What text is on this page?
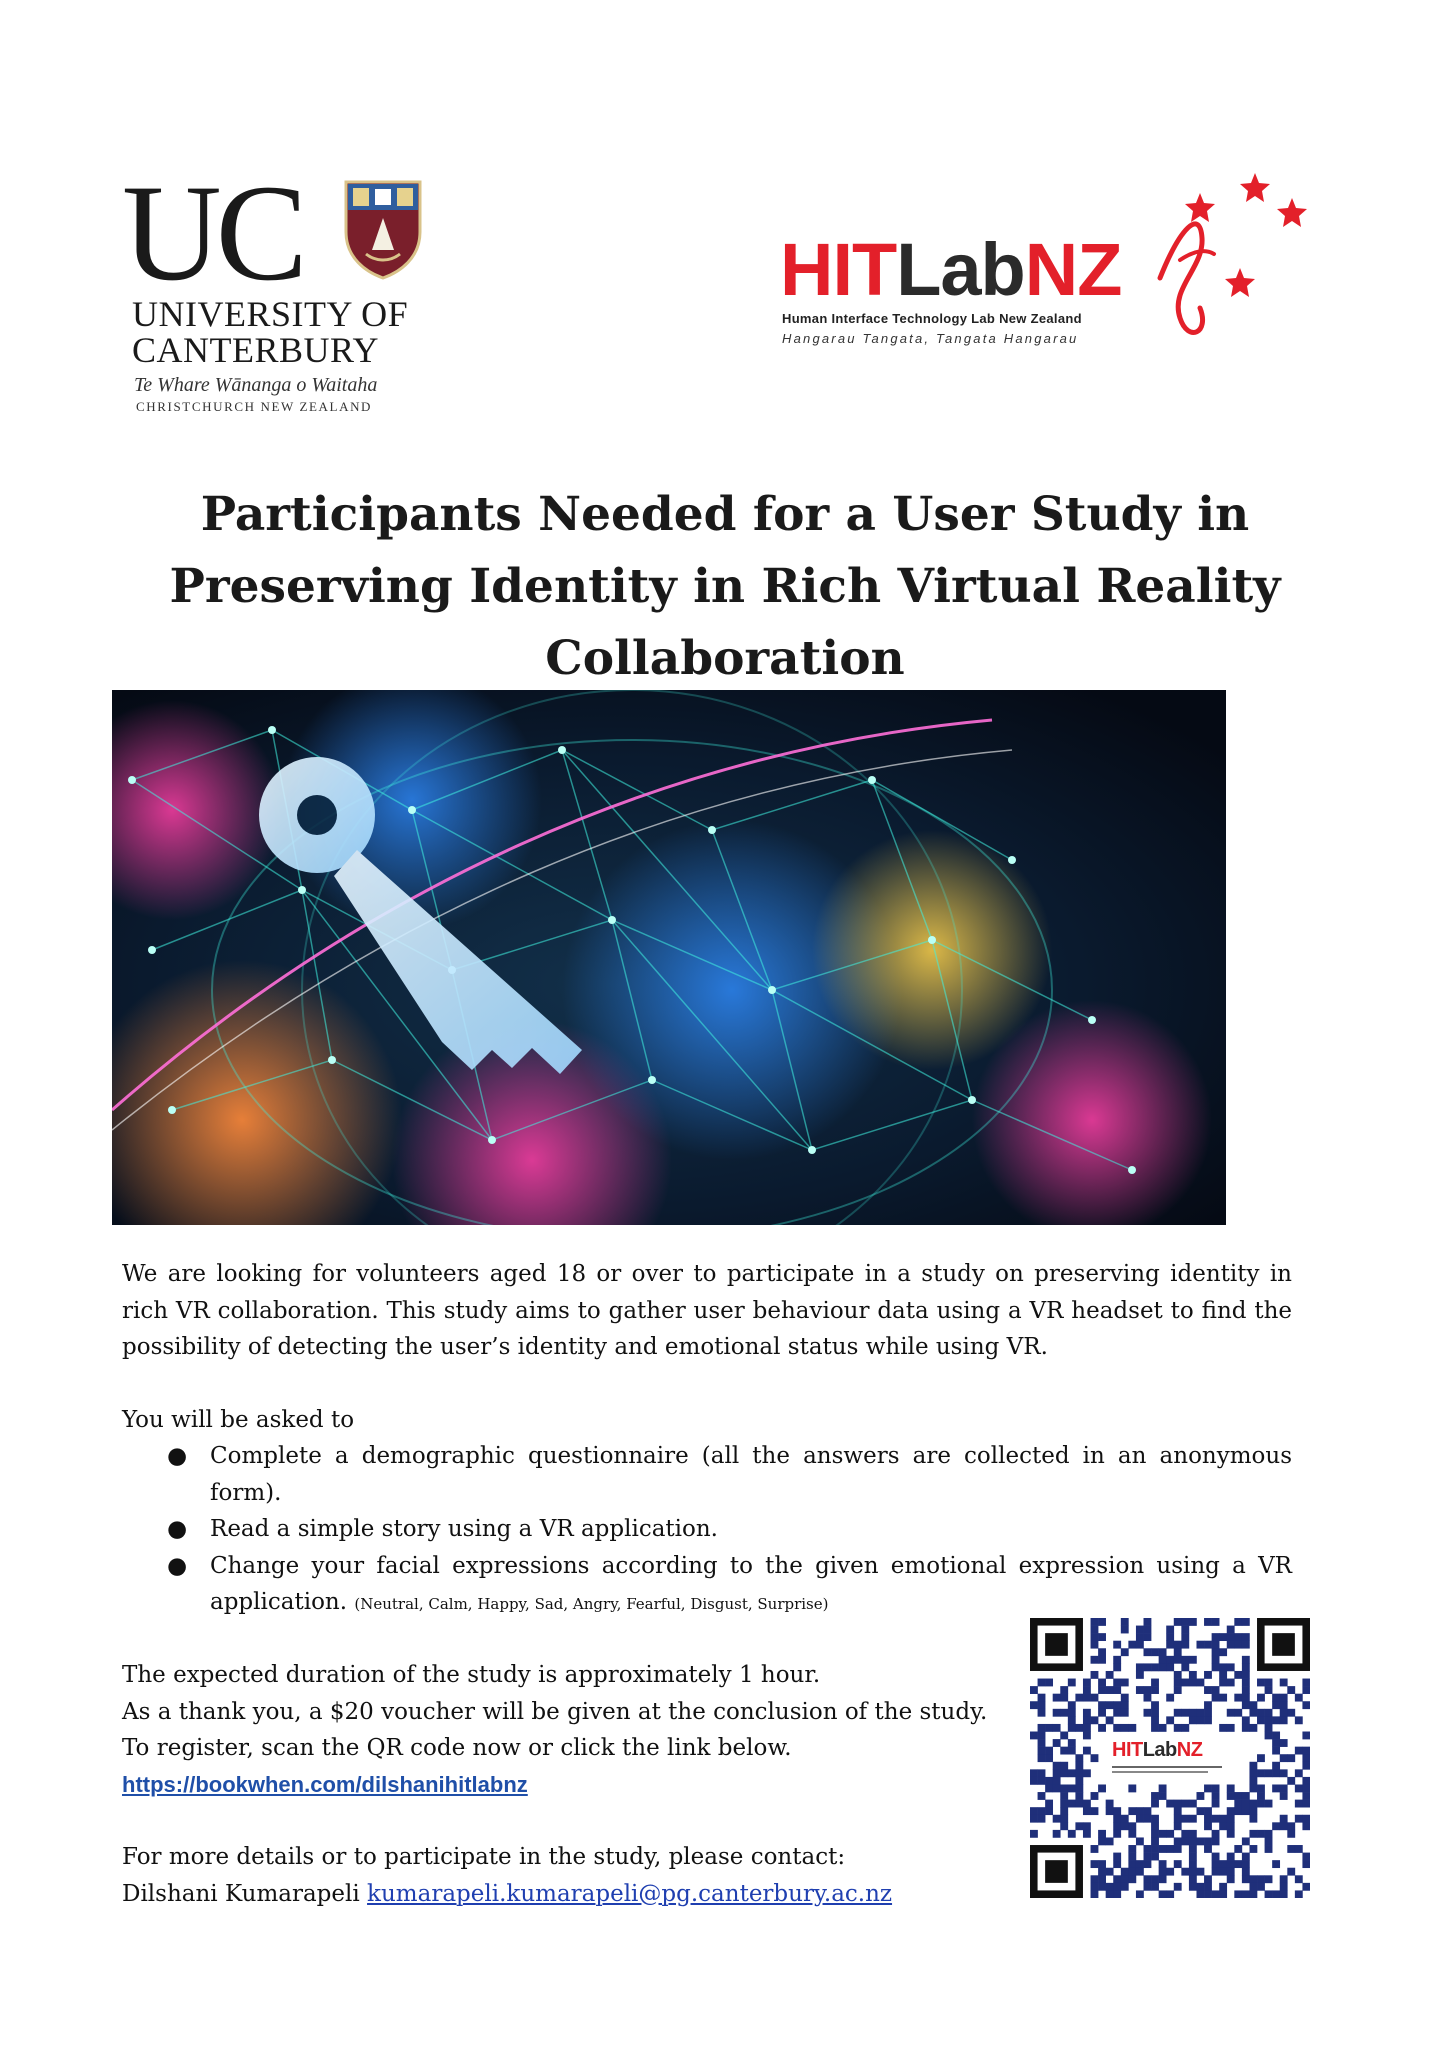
UC
UNIVERSITY OF
CANTERBURY
Te Whare Wānanga o Waitaha
CHRISTCHURCH NEW ZEALAND
HITLabNZ
Human Interface Technology Lab New Zealand
Hangarau Tangata, Tangata Hangarau
Participants Needed for a User Study in Preserving Identity in Rich Virtual Reality Collaboration

We are looking for volunteers aged 18 or over to participate in a study on preserving identity in rich VR collaboration. This study aims to gather user behaviour data using a VR headset to find the possibility of detecting the user’s identity and emotional status while using VR.

You will be asked to

● Complete a demographic questionnaire (all the answers are collected in an anonymous form).
● Read a simple story using a VR application.
● Change your facial expressions according to the given emotional expression using a VR application. (Neutral, Calm, Happy, Sad, Angry, Fearful, Disgust, Surprise)

The expected duration of the study is approximately 1 hour.

As a thank you, a $20 voucher will be given at the conclusion of the study.

To register, scan the QR code now or click the link below.

https://bookwhen.com/dilshanihitlabnz

For more details or to participate in the study, please contact:

Dilshani Kumarapeli kumarapeli.kumarapeli@pg.canterbury.ac.nz

HITLabNZ
